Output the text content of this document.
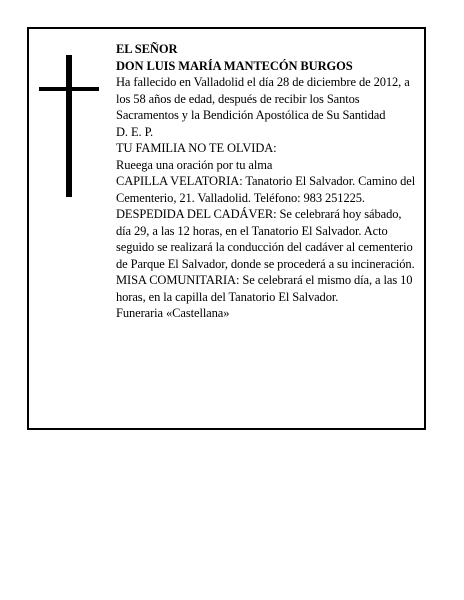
EL SEÑOR

DON LUIS MARÍA MANTECÓN BURGOS

Ha fallecido en Valladolid el día 28 de diciembre de 2012, a los 58 años de edad, después de recibir los Santos Sacramentos y la Bendición Apostólica de Su Santidad

D. E. P.

TU FAMILIA NO TE OLVIDA:

Rueega una oración por tu alma

CAPILLA VELATORIA: Tanatorio El Salvador. Camino del Cementerio, 21. Valladolid. Teléfono: 983 251225.

DESPEDIDA DEL CADÁVER: Se celebrará hoy sábado, día 29, a las 12 horas, en el Tanatorio El Salvador. Acto seguido se realizará la conducción del cadáver al cementerio de Parque El Salvador, donde se procederá a su incineración. MISA COMUNITARIA: Se celebrará el mismo día, a las 10 horas, en la capilla del Tanatorio El Salvador.

Funeraria «Castellana»
